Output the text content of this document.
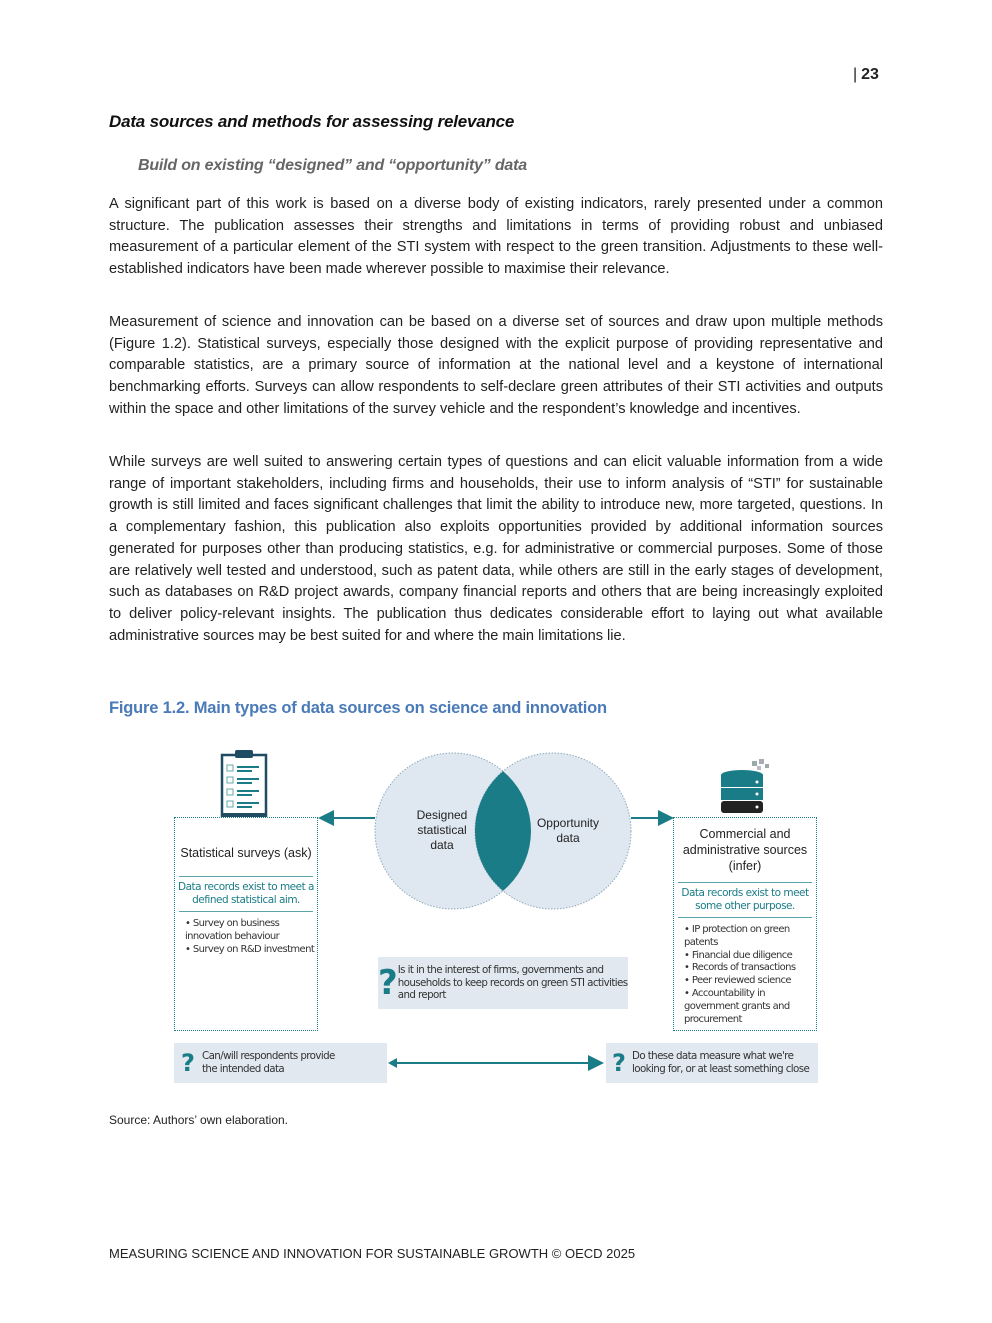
| 23
Data sources and methods for assessing relevance
Build on existing “designed” and “opportunity” data

A significant part of this work is based on a diverse body of existing indicators, rarely presented under a common structure. The publication assesses their strengths and limitations in terms of providing robust and unbiased measurement of a particular element of the STI system with respect to the green transition. Adjustments to these well-established indicators have been made wherever possible to maximise their relevance.

Measurement of science and innovation can be based on a diverse set of sources and draw upon multiple methods (Figure 1.2). Statistical surveys, especially those designed with the explicit purpose of providing representative and comparable statistics, are a primary source of information at the national level and a keystone of international benchmarking efforts. Surveys can allow respondents to self-declare green attributes of their STI activities and outputs within the space and other limitations of the survey vehicle and the respondent’s knowledge and incentives.

While surveys are well suited to answering certain types of questions and can elicit valuable information from a wide range of important stakeholders, including firms and households, their use to inform analysis of “STI” for sustainable growth is still limited and faces significant challenges that limit the ability to introduce new, more targeted, questions. In a complementary fashion, this publication also exploits opportunities provided by additional information sources generated for purposes other than producing statistics, e.g. for administrative or commercial purposes. Some of those are relatively well tested and understood, such as patent data, while others are still in the early stages of development, such as databases on R&D project awards, company financial reports and others that are being increasingly exploited to deliver policy-relevant insights. The publication thus dedicates considerable effort to laying out what available administrative sources may be best suited for and where the main limitations lie.

Figure 1.2. Main types of data sources on science and innovation
Designed statistical data
Opportunity data
Statistical surveys (ask)
Data records exist to meet a defined statistical aim.
• Survey on business innovation behaviour
• Survey on R&D investment
Commercial and administrative sources (infer)
Data records exist to meet some other purpose.
• IP protection on green patents
• Financial due diligence
• Records of transactions
• Peer reviewed science
• Accountability in government grants and procurement
? Is it in the interest of firms, governments and households to keep records on green STI activities and report
? Can/will respondents provide the intended data	? Do these data measure what we're looking for, or at least something close
Source: Authors’ own elaboration.
MEASURING SCIENCE AND INNOVATION FOR SUSTAINABLE GROWTH © OECD 2025
